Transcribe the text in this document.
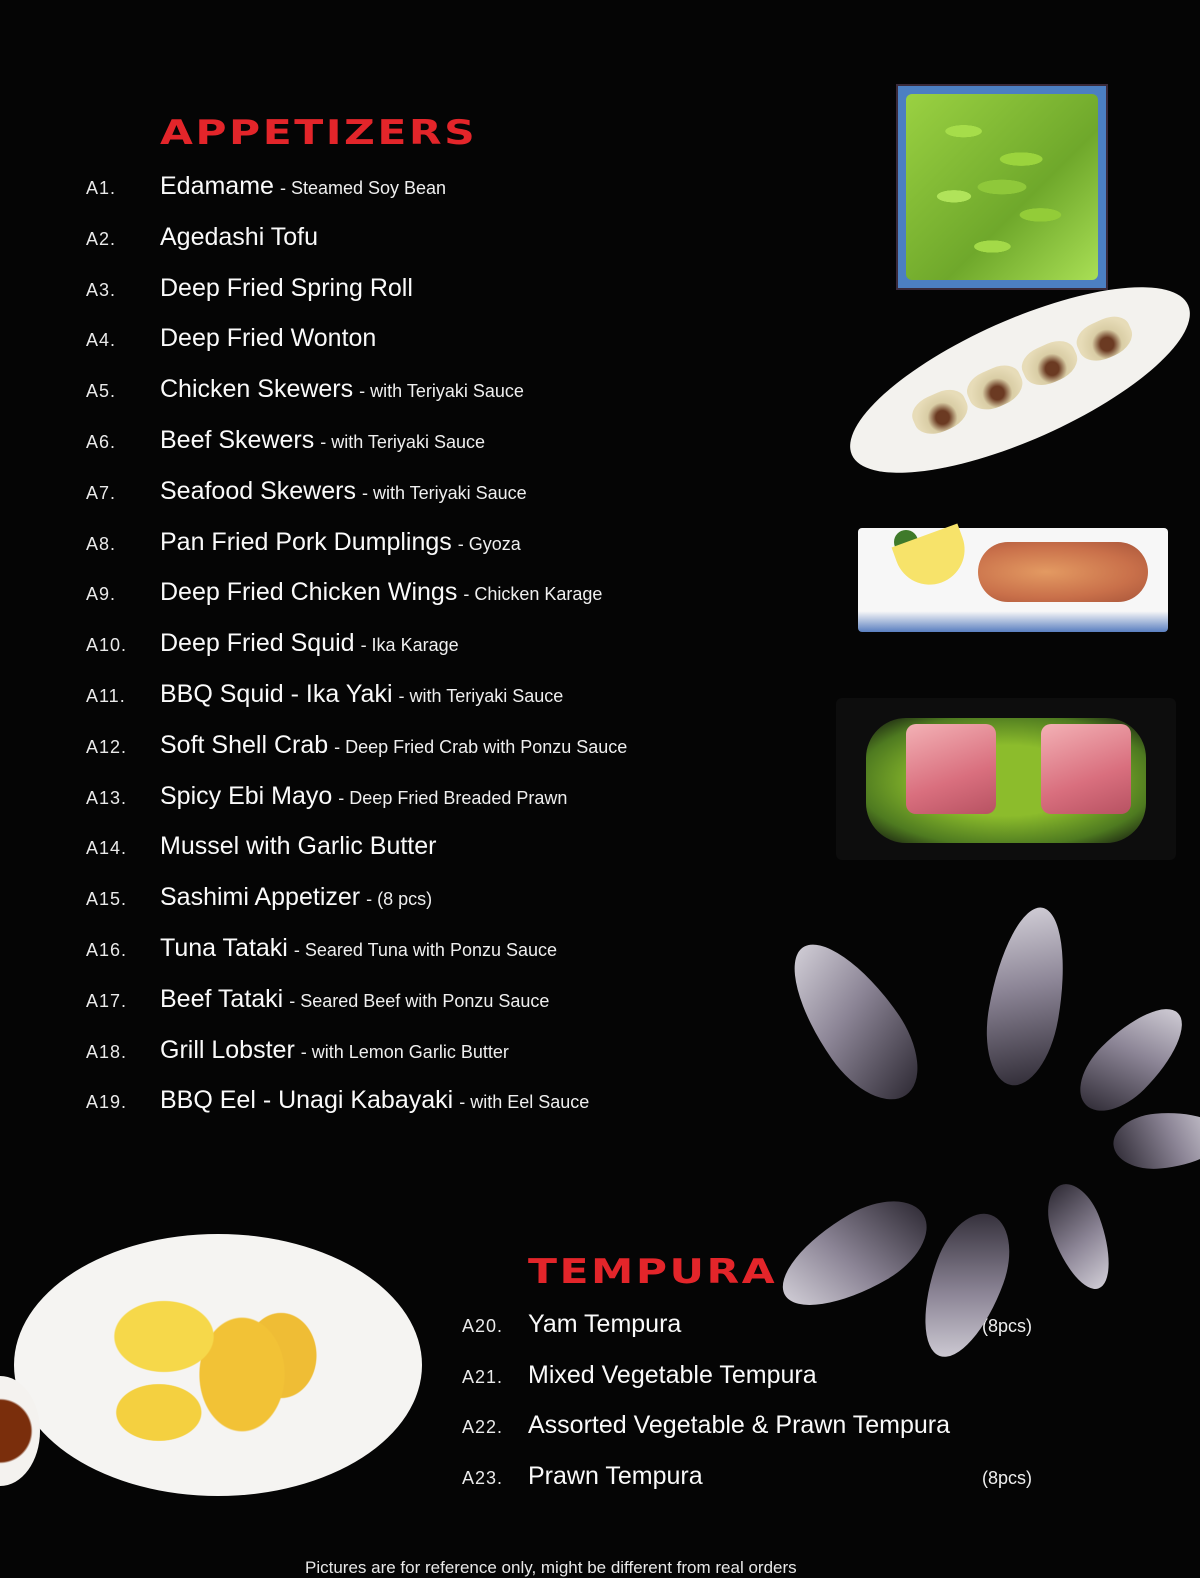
APPETIZERS
A1.	Edamame - Steamed Soy Bean
A2.	Agedashi Tofu
A3.	Deep Fried Spring Roll
A4.	Deep Fried Wonton
A5.	Chicken Skewers - with Teriyaki Sauce
A6.	Beef Skewers - with Teriyaki Sauce
A7.	Seafood Skewers - with Teriyaki Sauce
A8.	Pan Fried Pork Dumplings - Gyoza
A9.	Deep Fried Chicken Wings - Chicken Karage
A10.	Deep Fried Squid - Ika Karage
A11.	BBQ Squid - Ika Yaki - with Teriyaki Sauce
A12.	Soft Shell Crab - Deep Fried Crab with Ponzu Sauce
A13.	Spicy Ebi Mayo - Deep Fried Breaded Prawn
A14.	Mussel with Garlic Butter
A15.	Sashimi Appetizer - (8 pcs)
A16.	Tuna Tataki - Seared Tuna with Ponzu Sauce
A17.	Beef Tataki - Seared Beef with Ponzu Sauce
A18.	Grill Lobster - with Lemon Garlic Butter
A19.	BBQ Eel - Unagi Kabayaki - with Eel Sauce
TEMPURA
A20. Yam Tempura	(8pcs)
A21. Mixed Vegetable Tempura
A22. Assorted Vegetable & Prawn Tempura
A23. Prawn Tempura	(8pcs)
Pictures are for reference only, might be different from real orders
